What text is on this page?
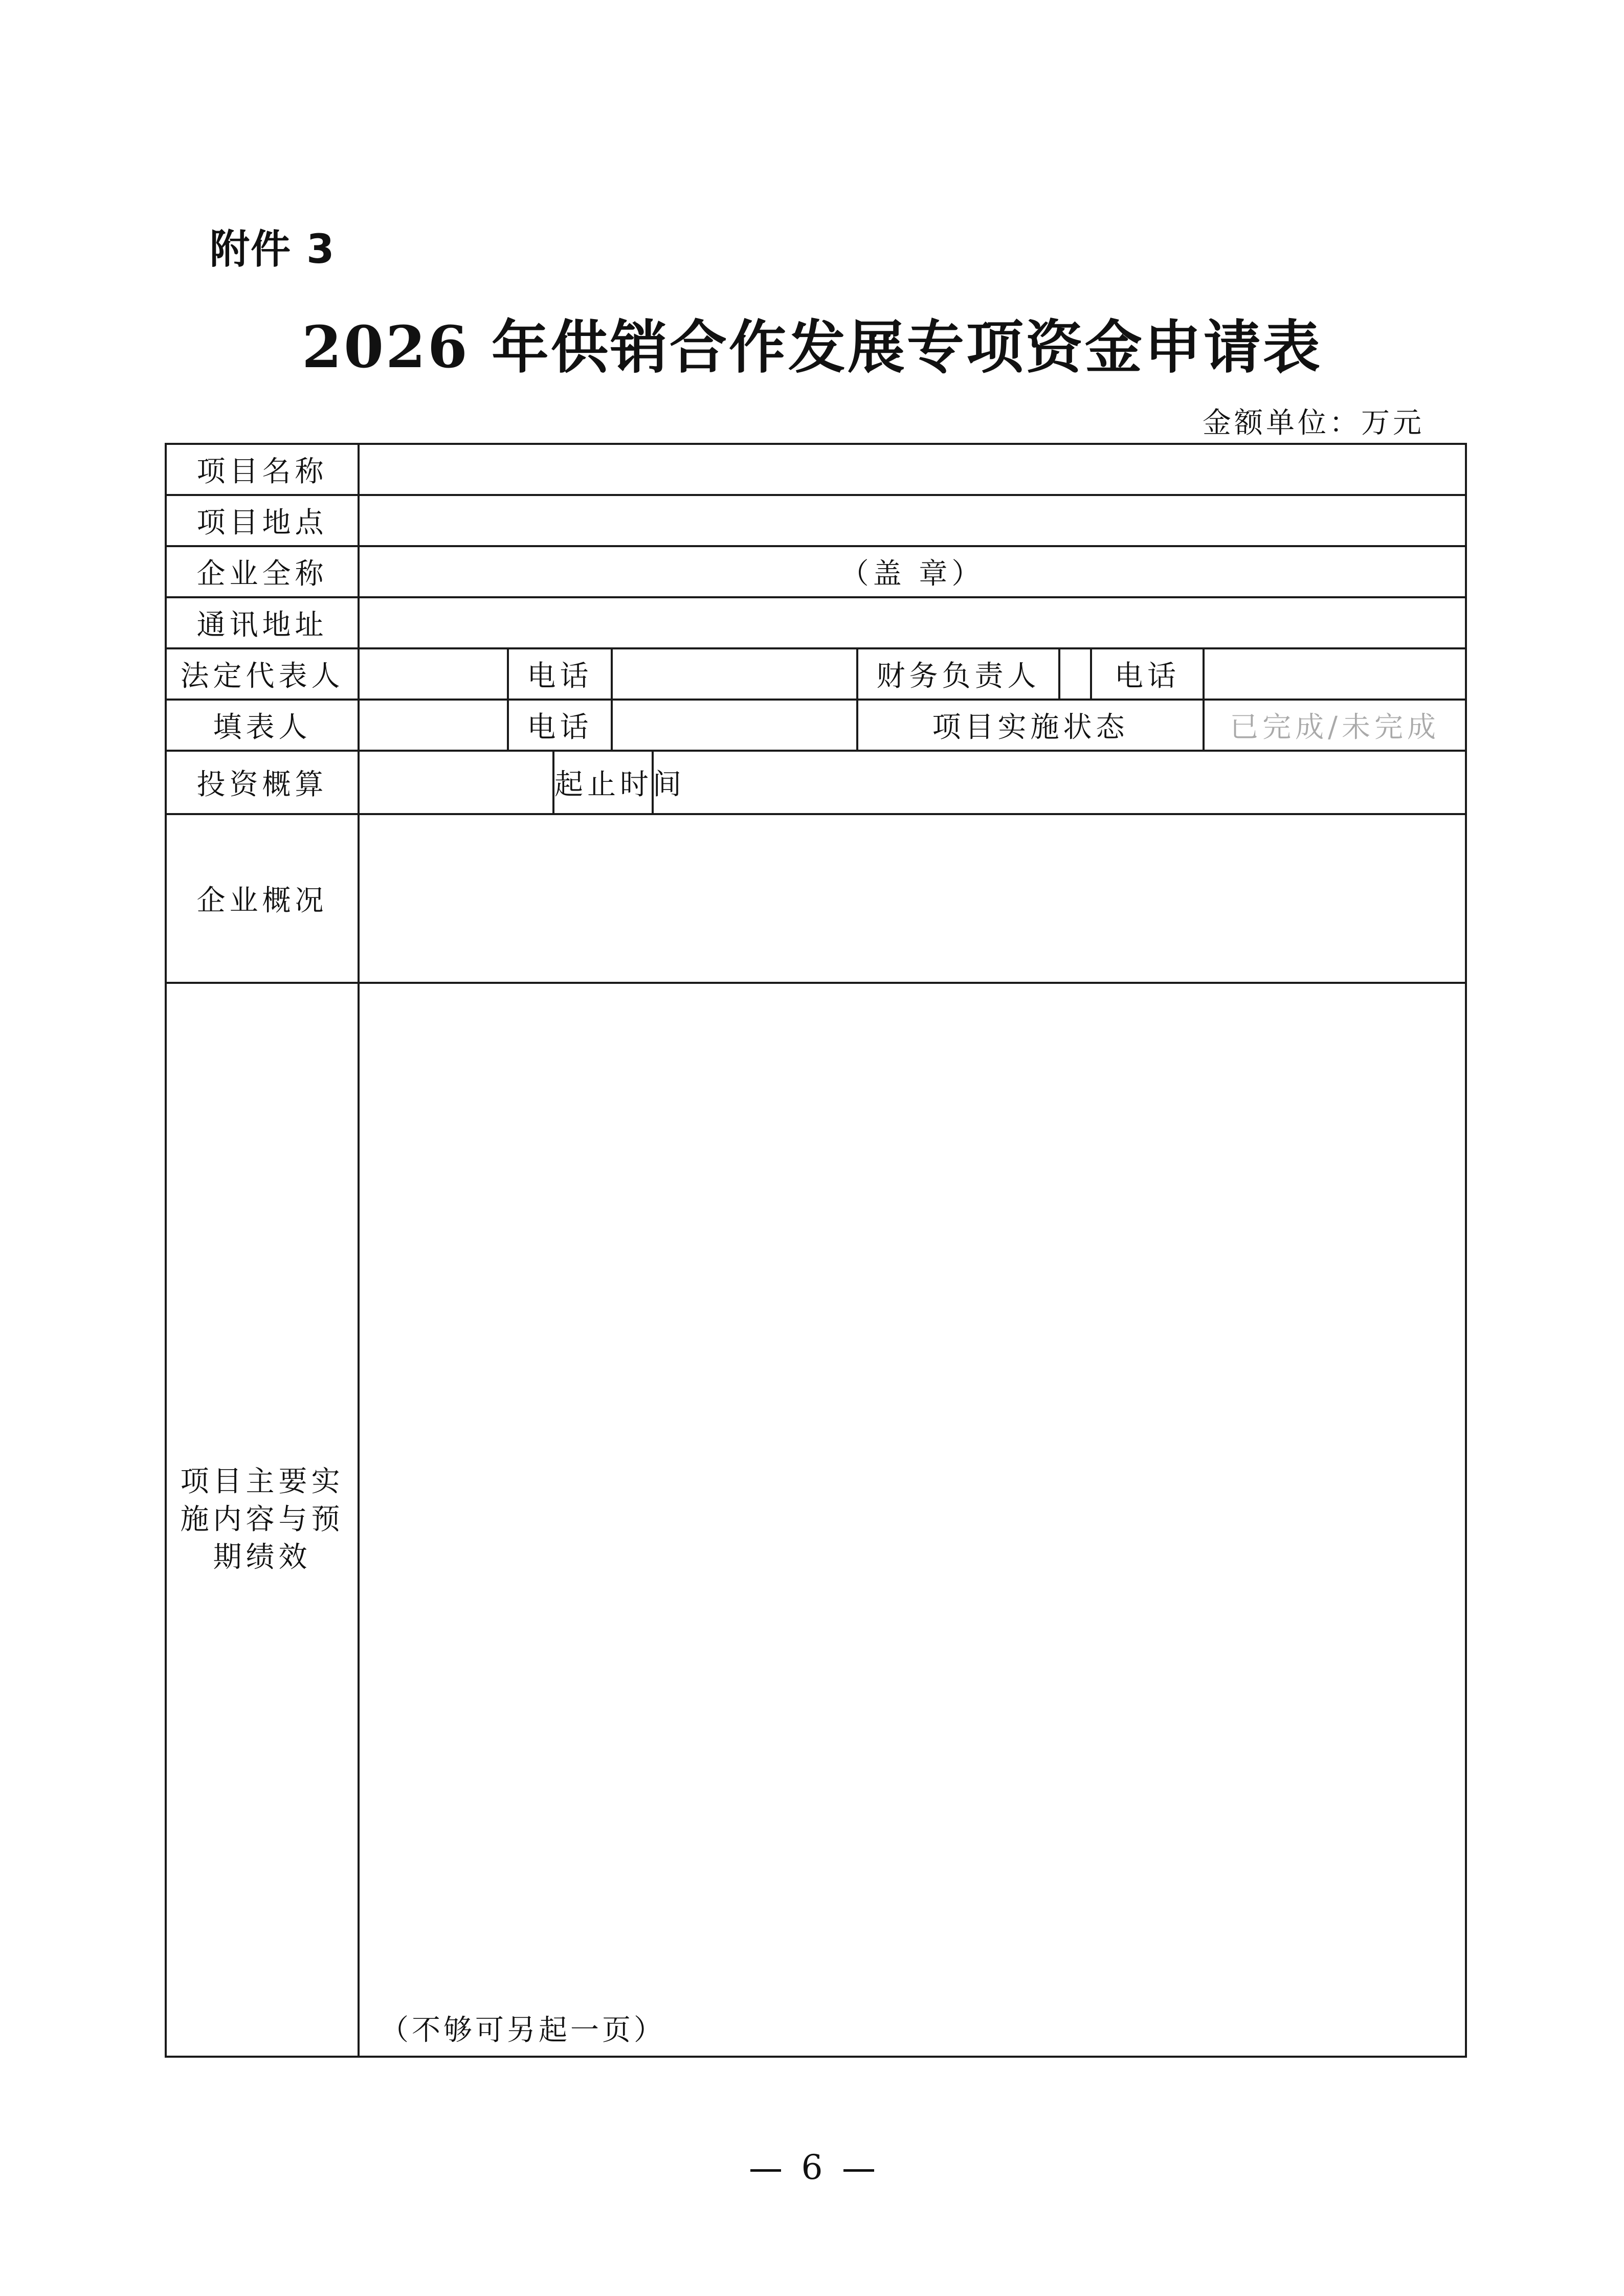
附件 3
2026 年供销合作发展专项资金申请表
金额单位：万元
项目名称									
项目地点									
企业全称	（盖 章）								
通讯地址									
法定代表人		电话				财务负责人		电话	
填表人		电话				项目实施状态			已完成/未完成
投资概算			起止时间						
企业概况									
项目主要实施内容与预期绩效	（不够可另起一页）								
6
